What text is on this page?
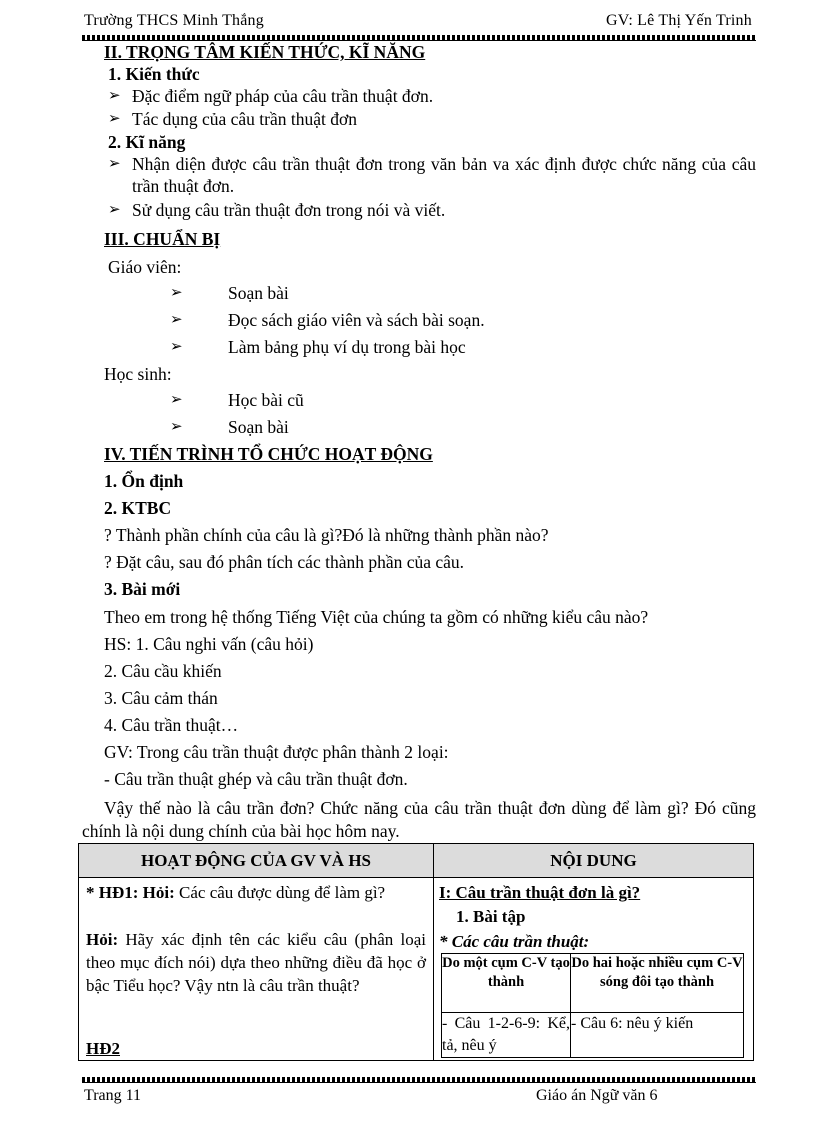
Trường THCS Minh Thắng	GV: Lê Thị Yến Trinh
II. TRỌNG TÂM KIẾN THỨC, KĨ NĂNG
1. Kiến thức
➢ Đặc điểm ngữ pháp của câu trần thuật đơn.
➢ Tác dụng của câu trần thuật đơn
2. Kĩ năng
➢ Nhận diện được câu trần thuật đơn trong văn bản va xác định được chức năng của câu trần thuật đơn.
➢ Sử dụng câu trần thuật đơn trong nói và viết.
III. CHUẨN BỊ
Giáo viên:
➢	Soạn bài
➢	Đọc sách giáo viên và sách bài soạn.
➢	Làm bảng phụ ví dụ trong bài học
Học sinh:
➢	Học bài cũ
➢	Soạn bài
IV. TIẾN TRÌNH TỔ CHỨC HOẠT ĐỘNG
1. Ổn định
2. KTBC
? Thành phần chính của câu là gì?Đó là những thành phần nào?
? Đặt câu, sau đó phân tích các thành phần của câu.
3. Bài mới
Theo em trong hệ thống Tiếng Việt của chúng ta gồm có những kiểu câu nào?
HS: 1. Câu nghi vấn (câu hỏi)
2. Câu cầu khiến
3. Câu cảm thán
4. Câu trần thuật…
GV: Trong câu trần thuật được phân thành 2 loại:
- Câu trần thuật ghép và câu trần thuật đơn.
Vậy thế nào là câu trần đơn? Chức năng của câu trần thuật đơn dùng để làm gì? Đó cũng chính là nội dung chính của bài học hôm nay.
HOẠT ĐỘNG CỦA GV VÀ HS	NỘI DUNG

* HĐ1: Hỏi: Các câu được dùng để làm gì?
Hỏi: Hãy xác định tên các kiểu câu (phân loại theo mục đích nói) dựa theo những điều đã học ở bậc Tiểu học? Vậy ntn là câu trần thuật?
HĐ2

I: Câu trần thuật đơn là gì?
1. Bài tập
* Các câu trần thuật:
Do một cụm C-V tạo thành	Do hai hoặc nhiều cụm C-V sóng đôi tạo thành
- Câu 1-2-6-9: Kể, tả, nêu ý	- Câu 6: nêu ý kiến
Trang 11	Giáo án Ngữ văn 6
